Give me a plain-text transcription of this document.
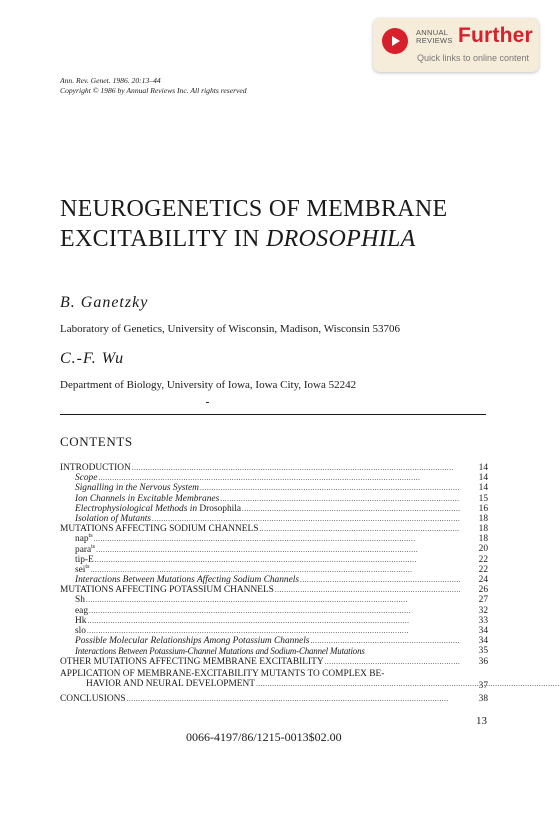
ANNUAL
REVIEWS Further
Quick links to online content
Ann. Rev. Genet. 1986. 20:13–44
Copyright © 1986 by Annual Reviews Inc. All rights reserved
NEUROGENETICS OF MEMBRANE
EXCITABILITY IN DROSOPHILA
B. Ganetzky
Laboratory of Genetics, University of Wisconsin, Madison, Wisconsin 53706
C.-F. Wu
Department of Biology, University of Iowa, Iowa City, Iowa 52242
CONTENTS
INTRODUCTION . . .	14
Scope . . .	14
Signalling in the Nervous System . . .	14
Ion Channels in Excitable Membranes . . .	15
Electrophysiological Methods in Drosophila . . .	16
Isolation of Mutants . . .	18
MUTATIONS AFFECTING SODIUM CHANNELS . . .	18
nap$^{ts}$ . . .	18
para$^{ts}$ . . .	20
tip-E . . .	22
sei$^{ts}$ . . .	22
Interactions Between Mutations Affecting Sodium Channels . . .	24
MUTATIONS AFFECTING POTASSIUM CHANNELS . . .	26
Sh . . .	27
eag . . .	32
Hk . . .	33
slo . . .	34
Possible Molecular Relationships Among Potassium Channels . . .	34
Interactions Between Potassium-Channel Mutations and Sodium-Channel Mutations	35
OTHER MUTATIONS AFFECTING MEMBRANE EXCITABILITY . . .	36
APPLICATION OF MEMBRANE-EXCITABILITY MUTANTS TO COMPLEX BE-
HAVIOR AND NEURAL DEVELOPMENT . . .	37
CONCLUSIONS . . .	38
13
0066-4197/86/1215-0013$02.00
